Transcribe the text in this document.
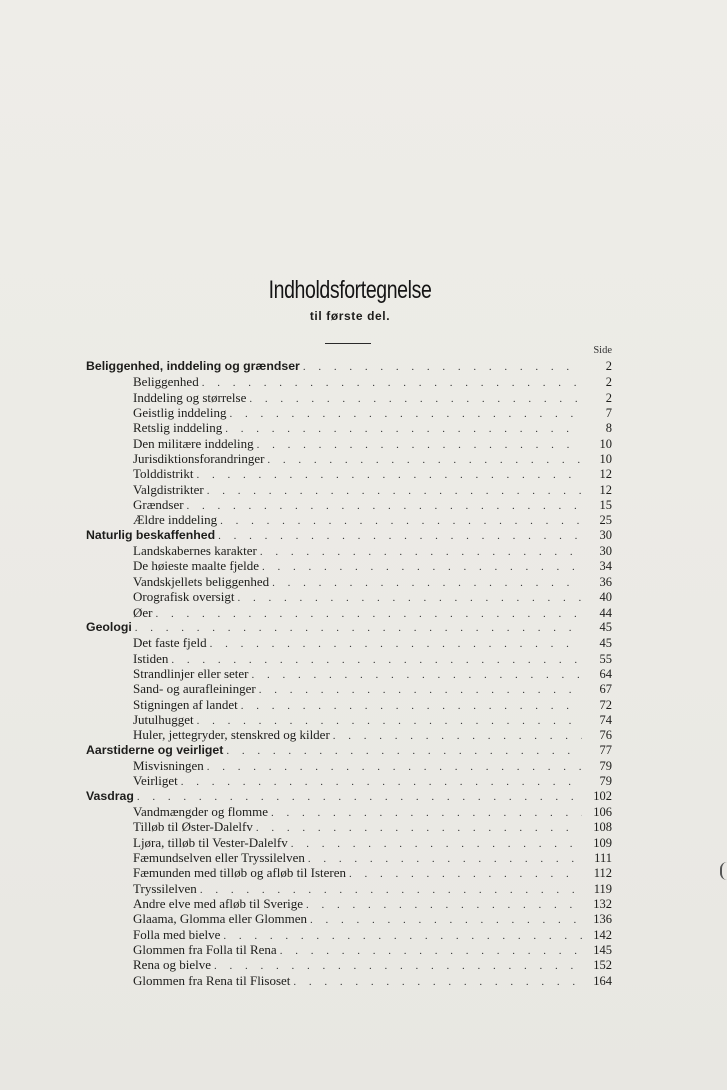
Indholdsfortegnelse
til første del.
Side
Beliggenhed, inddeling og grændser . . .	2
Beliggenhed . . .	2
Inddeling og størrelse . . .	2
Geistlig inddeling . . .	7
Retslig inddeling . . .	8
Den militære inddeling . . .	10
Jurisdiktionsforandringer . . .	10
Tolddistrikt . . .	12
Valgdistrikter . . .	12
Grændser . . .	15
Ældre inddeling . . .	25
Naturlig beskaffenhed . . .	30
Landskabernes karakter . . .	30
De høieste maalte fjelde . . .	34
Vandskjellets beliggenhed . . .	36
Orografisk oversigt . . .	40
Øer . . .	44
Geologi . . .	45
Det faste fjeld . . .	45
Istiden . . .	55
Strandlinjer eller seter . . .	64
Sand- og aurafleininger . . .	67
Stigningen af landet . . .	72
Jutulhugget . . .	74
Huler, jettegryder, stenskred og kilder . . .	76
Aarstiderne og veirliget . . .	77
Misvisningen . . .	79
Veirliget . . .	79
Vasdrag . . .	102
Vandmængder og flomme . . .	106
Tilløb til Øster-Dalelfv . . .	108
Ljøra, tilløb til Vester-Dalelfv . . .	109
Fæmundselven eller Tryssilelven . . .	111
Fæmunden med tilløb og afløb til Isteren . . .	112
Tryssilelven . . .	119
Andre elve med afløb til Sverige . . .	132
Glaama, Glomma eller Glommen . . .	136
Folla med bielve . . .	142
Glommen fra Folla til Rena . . .	145
Rena og bielve . . .	152
Glommen fra Rena til Flisoset . . .	164
